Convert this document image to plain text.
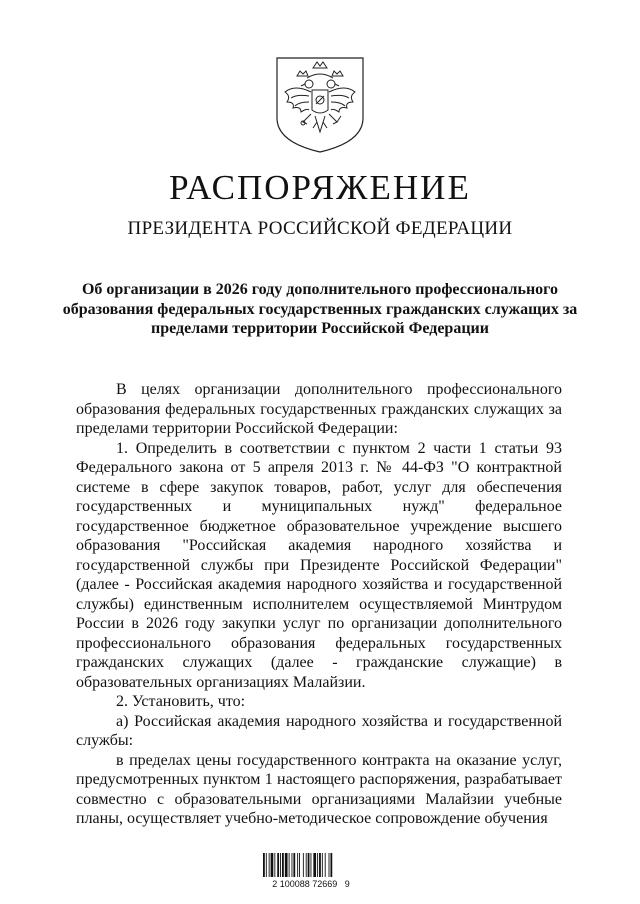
РАСПОРЯЖЕНИЕ
ПРЕЗИДЕНТА РОССИЙСКОЙ ФЕДЕРАЦИИ
Об организации в 2026 году дополнительного профессионального образования федеральных государственных гражданских служащих за пределами территории Российской Федерации

В целях организации дополнительного профессионального образования федеральных государственных гражданских служащих за пределами территории Российской Федерации:

1. Определить в соответствии с пунктом 2 части 1 статьи 93 Федерального закона от 5 апреля 2013 г. № 44-ФЗ "О контрактной системе в сфере закупок товаров, работ, услуг для обеспечения государственных и муниципальных нужд" федеральное государственное бюджетное образовательное учреждение высшего образования "Российская академия народного хозяйства и государственной службы при Президенте Российской Федерации" (далее - Российская академия народного хозяйства и государственной службы) единственным исполнителем осуществляемой Минтрудом России в 2026 году закупки услуг по организации дополнительного профессионального образования федеральных государственных гражданских служащих (далее - гражданские служащие) в образовательных организациях Малайзии.

2. Установить, что:

а) Российская академия народного хозяйства и государственной службы:

в пределах цены государственного контракта на оказание услуг, предусмотренных пунктом 1 настоящего распоряжения, разрабатывает совместно с образовательными организациями Малайзии учебные планы, осуществляет учебно-методическое сопровождение обучения

2 100088 72669   9
